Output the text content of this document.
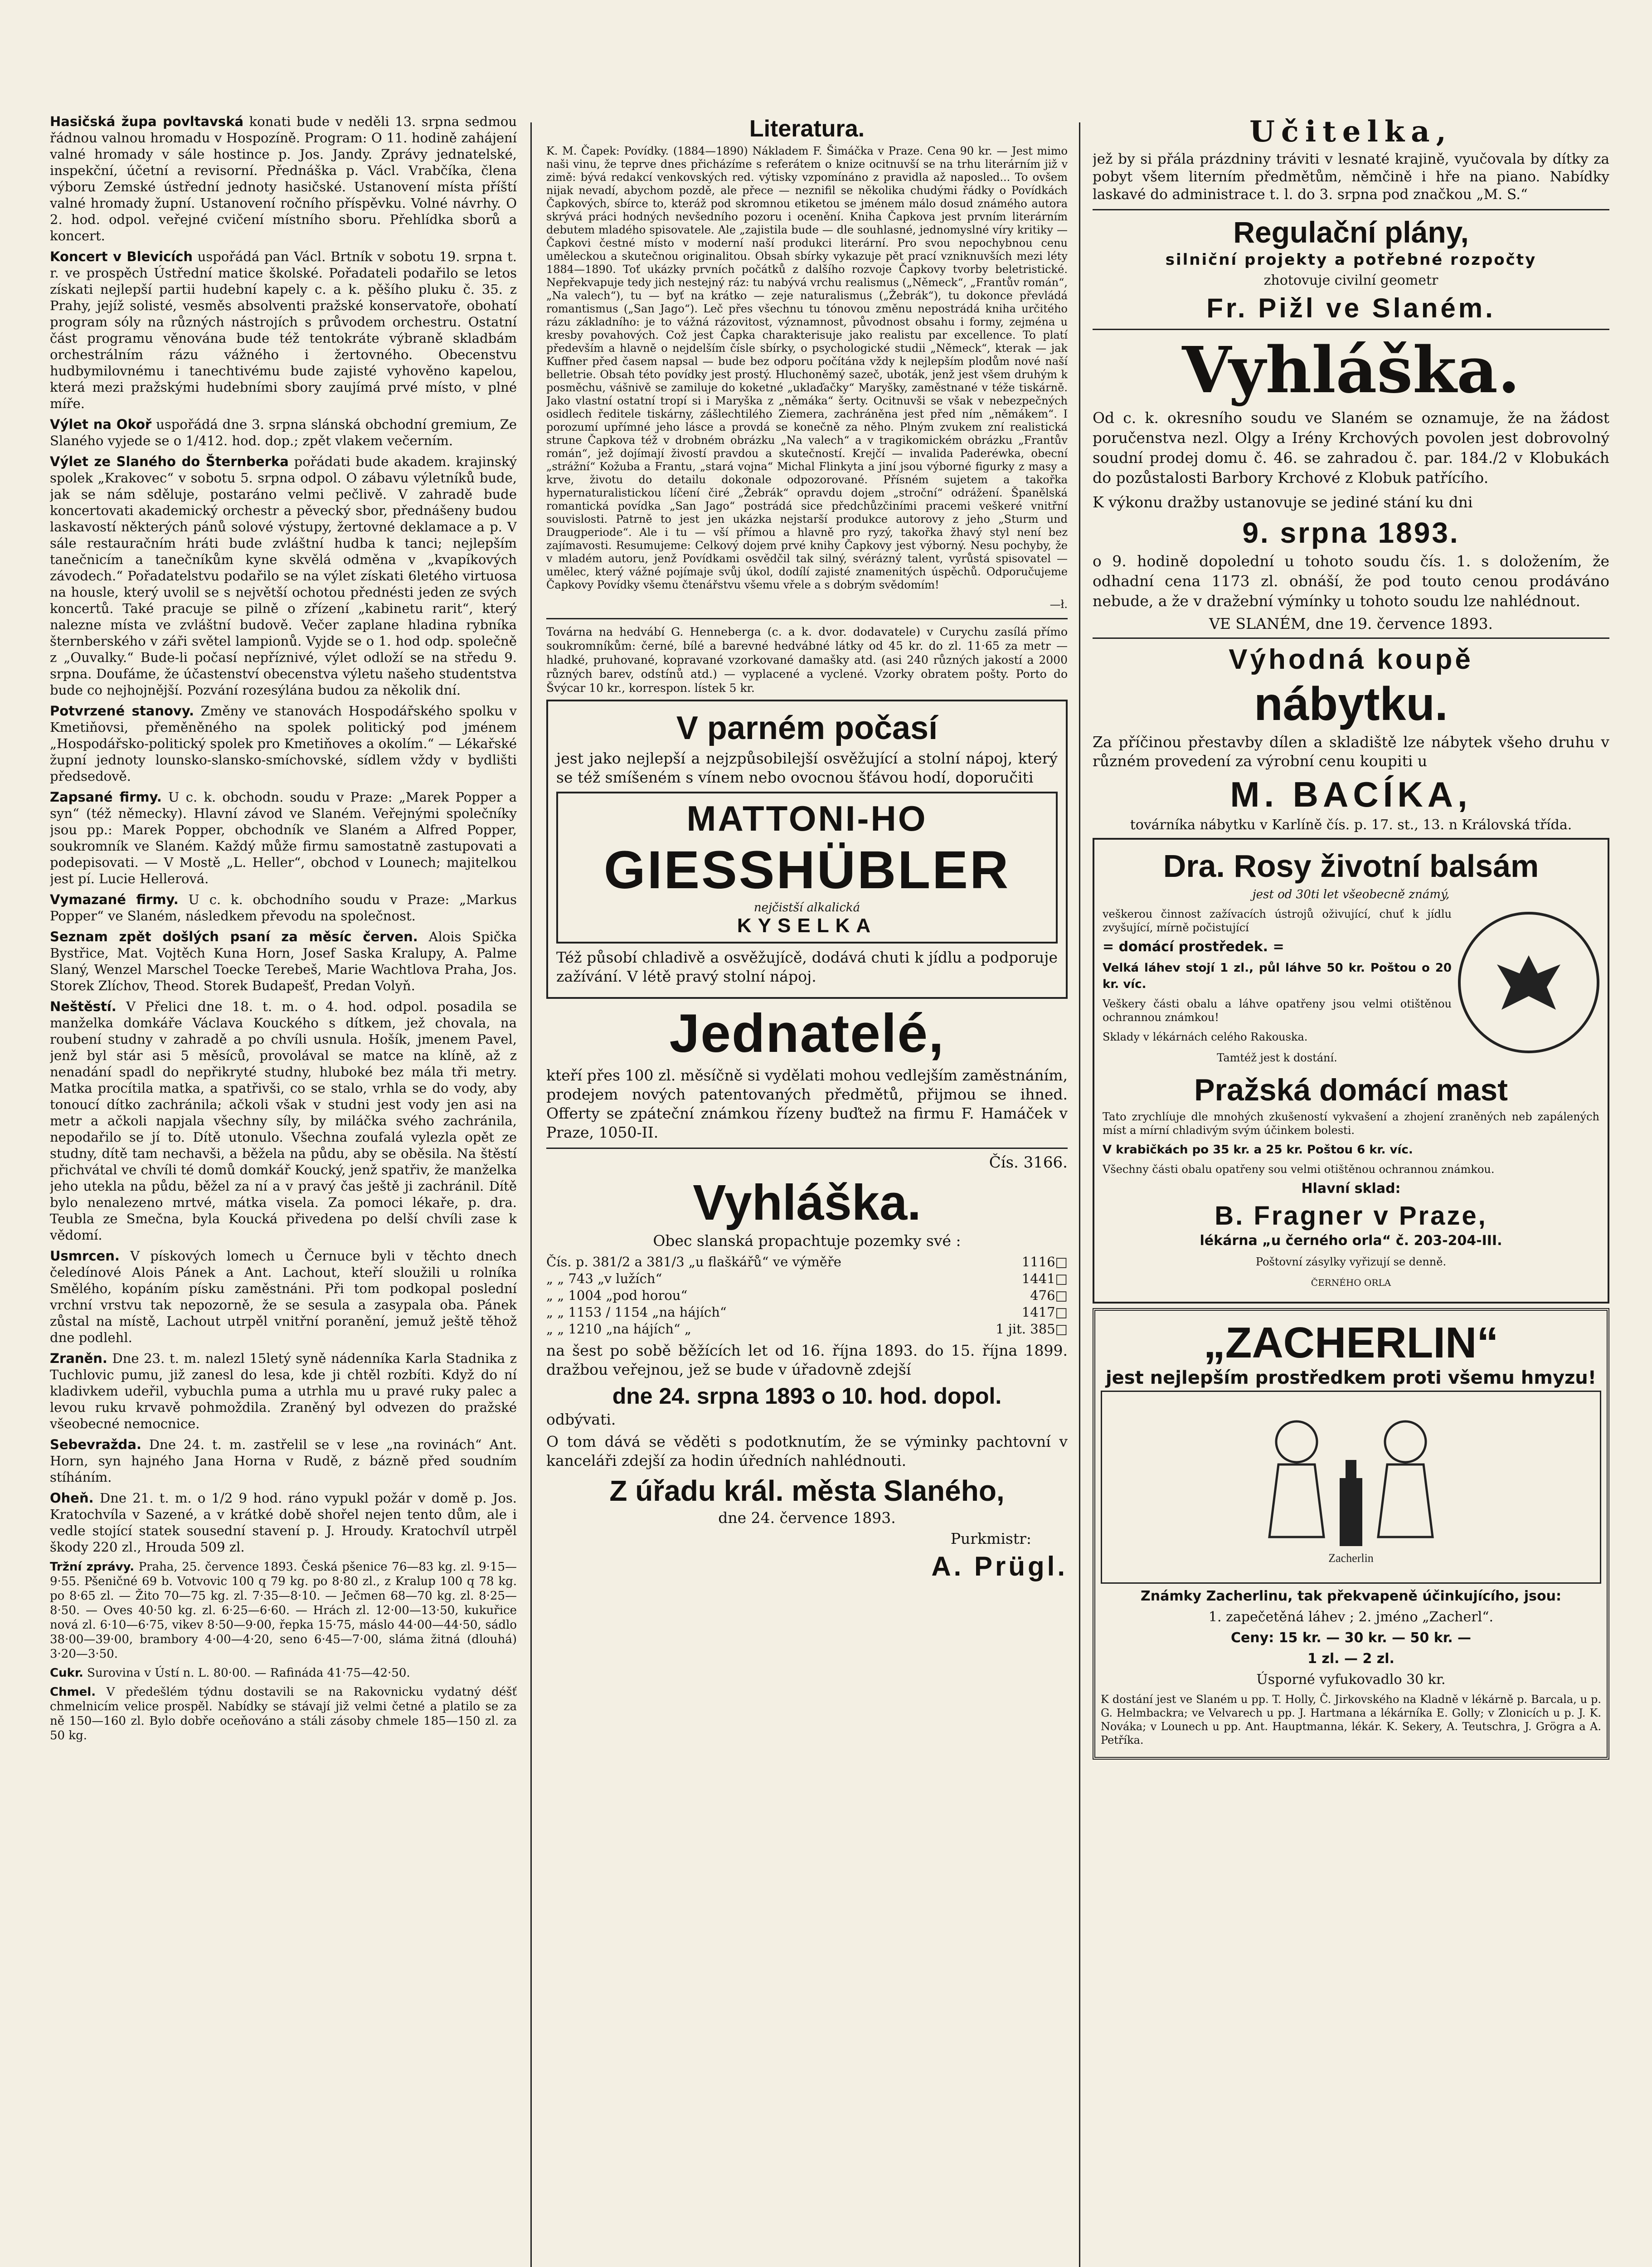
Hasičská župa povltavská konati bude v neděli 13. srpna sedmou řádnou valnou hromadu v Hospozíně. Program: O 11. hodině zahájení valné hromady v sále hostince p. Jos. Jandy. Zprávy jednatelské, inspekční, účetní a revisorní. Přednáška p. Václ. Vrabčíka, člena výboru Zemské ústřední jednoty hasičské. Ustanovení místa příští valné hromady župní. Ustanovení ročního příspěvku. Volné návrhy. O 2. hod. odpol. veřejné cvičení místního sboru. Přehlídka sborů a koncert.

Koncert v Blevicích uspořádá pan Václ. Brtník v sobotu 19. srpna t. r. ve prospěch Ústřední matice školské. Pořadateli podařilo se letos získati nejlepší partii hudební kapely c. a k. pěšího pluku č. 35. z Prahy, jejíž solisté, vesměs absolventi pražské konservatoře, obohatí program sóly na různých nástrojích s průvodem orchestru. Ostatní část programu věnována bude též tentokráte výbraně skladbám orchestrálním rázu vážného i žertovného. Obecenstvu hudbymilovnému i tanechtivému bude zajisté vyhověno kapelou, která mezi pražskými hudebními sbory zaujímá prvé místo, v plné míře.

Výlet na Okoř uspořádá dne 3. srpna slánská obchodní gremium, Ze Slaného vyjede se o 1/412. hod. dop.; zpět vlakem večerním.

Výlet ze Slaného do Šternberka pořádati bude akadem. krajinský spolek „Krakovec“ v sobotu 5. srpna odpol. O zábavu výletníků bude, jak se nám sděluje, postaráno velmi pečlivě. V zahradě bude koncertovati akademický orchestr a pěvecký sbor, přednášeny budou laskavostí některých pánů solové výstupy, žertovné deklamace a p. V sále restauračním hráti bude zvláštní hudba k tanci; nejlepším tanečnicím a tanečníkům kyne skvělá odměna v „kvapíkových závodech.“ Pořadatelstvu podařilo se na výlet získati 6letého virtuosa na housle, který uvolil se s největší ochotou přednésti jeden ze svých koncertů. Také pracuje se pilně o zřízení „kabinetu rarit“, který nalezne místa ve zvláštní budově. Večer zaplane hladina rybníka šternberského v záři světel lampionů. Vyjde se o 1. hod odp. společně z „Ouvalky.“ Bude-li počasí nepříznivé, výlet odloží se na středu 9. srpna. Doufáme, že účastenství obecenstva výletu našeho studentstva bude co nejhojnější. Pozvání rozesýlána budou za několik dní.

Potvrzené stanovy. Změny ve stanovách Hospodářského spolku v Kmetiňovsi, přeměněného na spolek politický pod jménem „Hospodářsko-politický spolek pro Kmetiňoves a okolím.“ — Lékařské župní jednoty lounsko-slansko-smíchovské, sídlem vždy v bydlišti předsedově.

Zapsané firmy. U c. k. obchodn. soudu v Praze: „Marek Popper a syn“ (též německy). Hlavní závod ve Slaném. Veřejnými společníky jsou pp.: Marek Popper, obchodník ve Slaném a Alfred Popper, soukromník ve Slaném. Každý může firmu samostatně zastupovati a podepisovati. — V Mostě „L. Heller“, obchod v Lounech; majitelkou jest pí. Lucie Hellerová.

Vymazané firmy. U c. k. obchodního soudu v Praze: „Markus Popper“ ve Slaném, následkem převodu na společnost.

Seznam zpět došlých psaní za měsíc červen. Alois Spička Bystřice, Mat. Vojtěch Kuna Horn, Josef Saska Kralupy, A. Palme Slaný, Wenzel Marschel Toecke Terebeš, Marie Wachtlova Praha, Jos. Storek Zlíchov, Theod. Storek Budapešť, Predan Volyň.

Neštěstí. V Přelici dne 18. t. m. o 4. hod. odpol. posadila se manželka domkáře Václava Kouckého s dítkem, jež chovala, na roubení studny v zahradě a po chvíli usnula. Hošík, jmenem Pavel, jenž byl stár asi 5 měsíců, provolával se matce na klíně, až z nenadání spadl do nepřikryté studny, hluboké bez mála tři metry. Matka procítila matka, a spatřivši, co se stalo, vrhla se do vody, aby tonoucí dítko zachránila; ačkoli však v studni jest vody jen asi na metr a ačkoli napjala všechny síly, by miláčka svého zachránila, nepodařilo se jí to. Dítě utonulo. Všechna zoufalá vylezla opět ze studny, dítě tam nechavši, a běžela na půdu, aby se oběsila. Na štěstí přichvátal ve chvíli té domů domkář Koucký, jenž spatřiv, že manželka jeho utekla na půdu, běžel za ní a v pravý čas ještě ji zachránil. Dítě bylo nenalezeno mrtvé, mátka visela. Za pomoci lékaře, p. dra. Teubla ze Smečna, byla Koucká přivedena po delší chvíli zase k vědomí.

Usmrcen. V pískových lomech u Černuce byli v těchto dnech čeledínové Alois Pánek a Ant. Lachout, kteří sloužili u rolníka Smělého, kopáním písku zaměstnáni. Při tom podkopal poslední vrchní vrstvu tak nepozorně, že se sesula a zasypala oba. Pánek zůstal na místě, Lachout utrpěl vnitřní poranění, jemuž ještě těhož dne podlehl.

Zraněn. Dne 23. t. m. nalezl 15letý syně nádenníka Karla Stadnika z Tuchlovic pumu, již zanesl do lesa, kde ji chtěl rozbíti. Když do ní kladivkem udeřil, vybuchla puma a utrhla mu u pravé ruky palec a levou ruku krvavě pohmoždila. Zraněný byl odvezen do pražské všeobecné nemocnice.

Sebevražda. Dne 24. t. m. zastřelil se v lese „na rovinách“ Ant. Horn, syn hajného Jana Horna v Rudě, z bázně před soudním stíháním.

Oheň. Dne 21. t. m. o 1/2 9 hod. ráno vypukl požár v domě p. Jos. Kratochvíla v Sazené, a v krátké době shořel nejen tento dům, ale i vedle stojící statek sousední stavení p. J. Hroudy. Kratochvíl utrpěl škody 220 zl., Hrouda 509 zl.

Tržní zprávy. Praha, 25. července 1893. Česká pšenice 76—83 kg. zl. 9·15—9·55. Pšeničné 69 b. Votvovic 100 q 79 kg. po 8·80 zl., z Kralup 100 q 78 kg. po 8·65 zl. — Žito 70—75 kg. zl. 7·35—8·10. — Ječmen 68—70 kg. zl. 8·25—8·50. — Oves 40·50 kg. zl. 6·25—6·60. — Hrách zl. 12·00—13·50, kukuřice nová zl. 6·10—6·75, vikev 8·50—9·00, řepka 15·75, máslo 44·00—44·50, sádlo 38·00—39·00, brambory 4·00—4·20, seno 6·45—7·00, sláma žitná (dlouhá) 3·20—3·50.

Cukr. Surovina v Ústí n. L. 80·00. — Rafináda 41·75—42·50.

Chmel. V předešlém týdnu dostavili se na Rakovnicku vydatný déšť chmelnicím velice prospěl. Nabídky se stávají již velmi četné a platilo se za ně 150—160 zl. Bylo dobře oceňováno a stáli zásoby chmele 185—150 zl. za 50 kg.

Literatura.

K. M. Čapek: Povídky. (1884—1890) Nákladem F. Šimáčka v Praze. Cena 90 kr. — Jest mimo naši vinu, že teprve dnes přicházíme s referátem o knize ocitnuvší se na trhu literárním již v zimě: bývá redakcí venkovských red. výtisky vzpomínáno z pravidla až naposled... To ovšem nijak nevadí, abychom pozdě, ale přece — neznifil se několika chudými řádky o Povídkách Čapkových, sbírce to, kteráž pod skromnou etiketou se jménem málo dosud známého autora skrývá práci hodných nevšedního pozoru i ocenění. Kniha Čapkova jest prvním literárním debutem mladého spisovatele. Ale „zajistila bude — dle souhlasné, jednomyslné víry kritiky — Čapkovi čestné místo v moderní naší produkci literární. Pro svou nepochybnou cenu uměleckou a skutečnou originalitou. Obsah sbírky vykazuje pět prací vzniknuvších mezi léty 1884—1890. Toť ukázky prvních počátků z dalšího rozvoje Čapkovy tvorby beletristické. Nepřekvapuje tedy jich nestejný ráz: tu nabývá vrchu realismus („Německ“, „Frantův román“, „Na valech“), tu — byť na krátko — zeje naturalismus („Žebrák“), tu dokonce převládá romantismus („San Jago“). Leč přes všechnu tu tónovou změnu nepostrádá kniha určitého rázu základního: je to vážná rázovitost, významnost, původnost obsahu i formy, zejména u kresby povahových. Což jest Čapka charakterisuje jako realistu par excellence. To platí především a hlavně o nejdelším čísle sbírky, o psychologické studii „Německ“, kterak — jak Kuffner před časem napsal — bude bez odporu počítána vždy k nejlepším plodům nové naší belletrie. Obsah této povídky jest prostý. Hluchoněmý sazeč, uboták, jenž jest všem druhým k posměchu, vášnivě se zamiluje do koketné „uklaďačky“ Maryšky, zaměstnané v téže tiskárně. Jako vlastní ostatní tropí si i Maryška z „němáka“ šerty. Ocitnuvši se však v nebezpečných osidlech ředitele tiskárny, zášlechtilého Ziemera, zachráněna jest před ním „němákem“. I porozumí upřímné jeho lásce a provdá se konečně za něho. Plným zvukem zní realistická strune Čapkova též v drobném obrázku „Na valech“ a v tragikomickém obrázku „Frantův román“, jež dojímají živostí pravdou a skutečností. Krejčí — invalida Paderéwka, obecní „strážní“ Kožuba a Frantu, „stará vojna“ Michal Flinkyta a jiní jsou výborné figurky z masy a krve, životu do detailu dokonale odpozorované. Přísném sujetem a takořka hypernaturalistickou líčení čiré „Žebrák“ opravdu dojem „stroční“ odrážení. Španělská romantická povídka „San Jago“ postrádá sice předchůzčiními pracemi veškeré vnitřní souvislosti. Patrně to jest jen ukázka nejstarší produkce autorovy z jeho „Sturm und Draugperiode“. Ale i tu — vší přímou a hlavně pro ryzý, takořka žhavý styl není bez zajímavosti. Resumujeme: Celkový dojem prvé knihy Čapkovy jest výborný. Nesu pochyby, že v mladém autoru, jenž Povídkami osvědčil tak silný, svérázný talent, vyrůstá spisovatel — umělec, který vážné pojímaje svůj úkol, dodílí zajisté znamenitých úspěchů. Odporučujeme Čapkovy Povídky všemu čtenářstvu všemu vřele a s dobrým svědomím!

—ł.

Továrna na hedvábí G. Henneberga (c. a k. dvor. dodavatele) v Curychu zasílá přímo soukromníkům: černé, bílé a barevné hedvábné látky od 45 kr. do zl. 11·65 za metr — hladké, pruhované, kopravané vzorkované damašky atd. (asi 240 různých jakostí a 2000 různých barev, odstínů atd.) — vyplacené a vyclené. Vzorky obratem pošty. Porto do Švýcar 10 kr., korrespon. lístek 5 kr.

V parném počasí

jest jako nejlepší a nejzpůsobilejší osvěžující a stolní nápoj, který se též smíšeném s vínem nebo ovocnou šťávou hodí, doporučiti

MATTONI-HO
GIESSHÜBLER
nejčistší alkalická
KYSELKA

Též působí chladivě a osvěžujícě, dodává chuti k jídlu a podporuje zažívání. V létě pravý stolní nápoj.

Jednatelé,

kteří přes 100 zl. měsíčně si vydělati mohou vedlejším zaměstnáním, prodejem nových patentovaných předmětů, přijmou se ihned. Offerty se zpáteční známkou řízeny buďtež na firmu F. Hamáček v Praze, 1050-II.

Čís. 3166.

Vyhláška.

Obec slanská propachtuje pozemky své :

Čís. p. 381/2 a 381/3 „u flaškářů“ ve výměře	1116□
„ „ 743 „v lužích“	1441□
„ „ 1004 „pod horou“	476□
„ „ 1153 / 1154 „na hájích“	1417□
„ „ 1210 „na hájích“ „	1 jit. 385□

na šest po sobě běžících let od 16. října 1893. do 15. října 1899. dražbou veřejnou, jež se bude v úřadovně zdejší

dne 24. srpna 1893 o 10. hod. dopol.

odbývati.

O tom dává se věděti s podotknutím, že se výminky pachtovní v kanceláři zdejší za hodin úředních nahlédnouti.

Z úřadu král. města Slaného,

dne 24. července 1893.

Purkmistr:

A. Prügl.
Učitelka,

jež by si přála prázdniny tráviti v lesnaté krajině, vyučovala by dítky za pobyt všem literním předmětům, němčině i hře na piano. Nabídky laskavé do administrace t. l. do 3. srpna pod značkou „M. S.“

Regulační plány,

silniční projekty a potřebné rozpočty

zhotovuje civilní geometr

Fr. Pižl ve Slaném.
Vyhláška.

Od c. k. okresního soudu ve Slaném se oznamuje, že na žádost poručenstva nezl. Olgy a Irény Krchových povolen jest dobrovolný soudní prodej domu č. 46. se zahradou č. par. 184./2 v Klobukách do pozůstalosti Barbory Krchové z Klobuk patřícího.

K výkonu dražby ustanovuje se jediné stání ku dni

9. srpna 1893.

o 9. hodině dopolední u tohoto soudu čís. 1. s doložením, že odhadní cena 1173 zl. obnáší, že pod touto cenou prodáváno nebude, a že v dražební výmínky u tohoto soudu lze nahlédnout.

VE SLANÉM, dne 19. července 1893.

Výhodná koupě
nábytku.

Za příčinou přestavby dílen a skladiště lze nábytek všeho druhu v různém provedení za výrobní cenu koupiti u

M. BACÍKA,

továrníka nábytku v Karlíně čís. p. 17. st., 13. n Královská třída.

Dra. Rosy životní balsám

jest od 30ti let všeobecně známý,

veškerou činnost zažívacích ústrojů oživující, chuť k jídlu zvyšující, mírně počistující

= domácí prostředek. =

Velká láhev stojí 1 zl., půl láhve 50 kr. Poštou o 20 kr. víc.

Veškery části obalu a láhve opatřeny jsou velmi otištěnou ochrannou známkou!

Sklady v lékárnách celého Rakouska.

Tamtéž jest k dostání.

Pražská domácí mast

Tato zrychlíuje dle mnohých zkušeností vykvašení a zhojení zraněných neb zapálených míst a mírní chladivým svým účinkem bolesti.

V krabičkách po 35 kr. a 25 kr. Poštou 6 kr. víc.

Všechny části obalu opatřeny sou velmi otištěnou ochrannou známkou.

Hlavní sklad:

B. Fragner v Praze,

lékárna „u černého orla“ č. 203-204-III.

Poštovní zásylky vyřizují se denně.

ČERNÉHO ORLA

„ZACHERLIN“

jest nejlepším prostředkem proti všemu hmyzu!

Zacherlin

Známky Zacherlinu, tak překvapeně účinkujícího, jsou:

1. zapečetěná láhev ; 2. jméno „Zacherl“.

Ceny: 15 kr. — 30 kr. — 50 kr. —

1 zl. — 2 zl.

Úsporné vyfukovadlo 30 kr.

K dostání jest ve Slaném u pp. T. Holly, Č. Jirkovského na Kladně v lékárně p. Barcala, u p. G. Helmbackra; ve Velvarech u pp. J. Hartmana a lékárníka E. Golly; v Zlonicích u p. J. K. Nováka; v Lounech u pp. Ant. Hauptmanna, lékár. K. Sekery, A. Teutschra, J. Grögra a A. Petříka.
